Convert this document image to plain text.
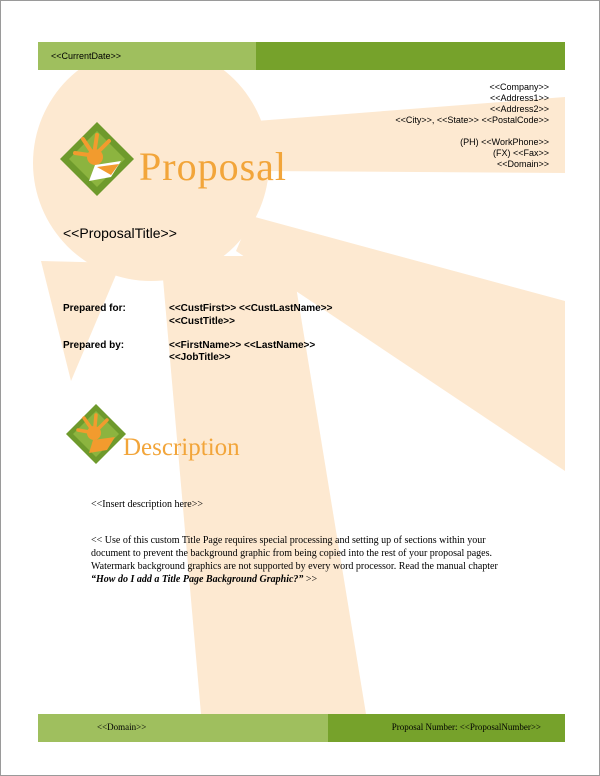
<<CurrentDate>>
<<Company>>
<<Address1>>
<<Address2>>
<<City>>, <<State>> <<PostalCode>>
(PH) <<WorkPhone>>
(FX) <<Fax>>
<<Domain>>
Proposal
<<ProposalTitle>>
Prepared for:	<<CustFirst>> <<CustLastName>>
<<CustTitle>>
Prepared by:	<<FirstName>> <<LastName>>
<<JobTitle>>
Description
<<Insert description here>>
<< Use of this custom Title Page requires special processing and setting up of sections within your
document to prevent the background graphic from being copied into the rest of your proposal pages.
Watermark background graphics are not supported by every word processor. Read the manual chapter
“How do I add a Title Page Background Graphic?” >>
<<Domain>>	Proposal Number: <<ProposalNumber>>
